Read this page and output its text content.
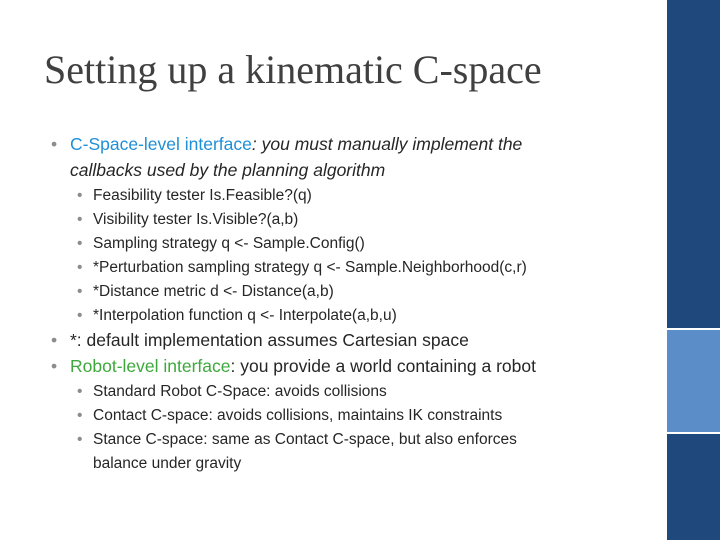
Setting up a kinematic C-space
• C-Space-level interface: you must manually implement the
callbacks used by the planning algorithm
• Feasibility tester Is.Feasible?(q)
• Visibility tester Is.Visible?(a,b)
• Sampling strategy q <- Sample.Config()
• *Perturbation sampling strategy q <- Sample.Neighborhood(c,r)
• *Distance metric d <- Distance(a,b)
• *Interpolation function q <- Interpolate(a,b,u)
• *: default implementation assumes Cartesian space
• Robot-level interface: you provide a world containing a robot
• Standard Robot C-Space: avoids collisions
• Contact C-space: avoids collisions, maintains IK constraints
• Stance C-space: same as Contact C-space, but also enforces
balance under gravity
